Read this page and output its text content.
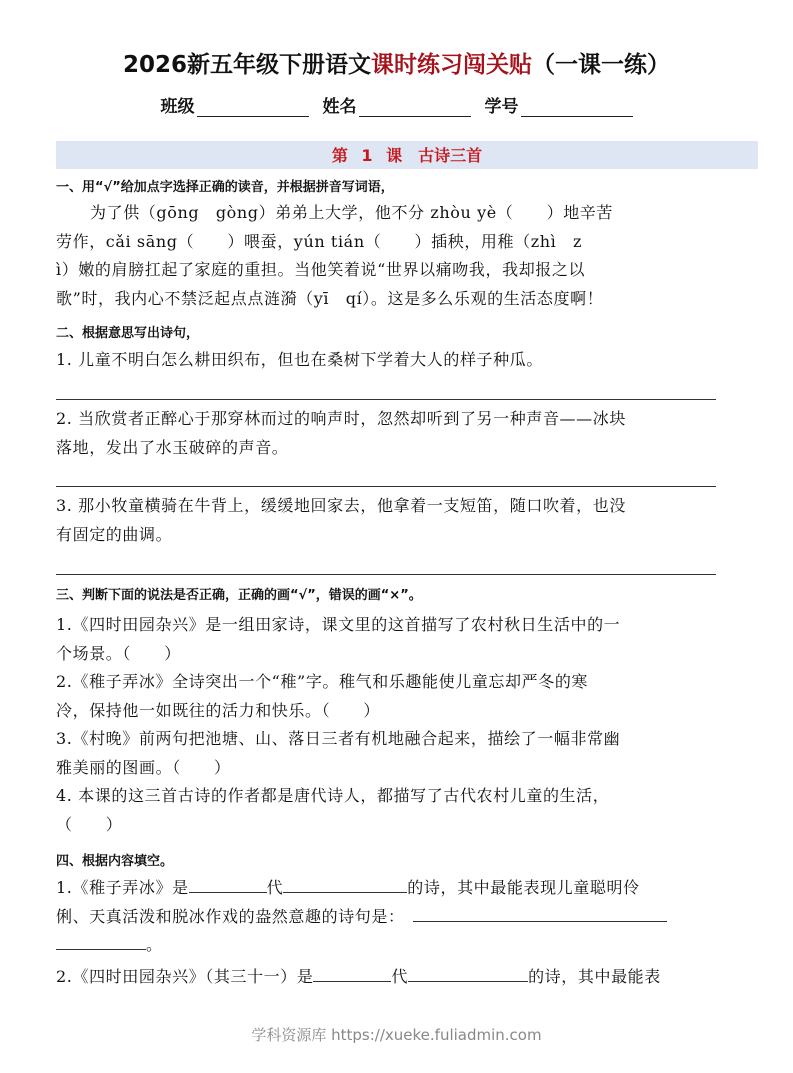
2026新五年级下册语文课时练习闯关贴（一课一练）
班级	姓名	学号
第 1 课　古诗三首
一、用“√”给加点字选择正确的读音，并根据拼音写词语，
为了供（gōng　gòng）弟弟上大学，他不分 zhòu yè（　　）地辛苦
劳作，cǎi sāng（　　）喂蚕，yún tián（　　）插秧，用稚（zhì　z
ì）嫩的肩膀扛起了家庭的重担。当他笑着说“世界以痛吻我，我却报之以
歌”时，我内心不禁泛起点点涟漪（yī　qí）。这是多么乐观的生活态度啊！
二、根据意思写出诗句，
1. 儿童不明白怎么耕田织布，但也在桑树下学着大人的样子种瓜。
2. 当欣赏者正醉心于那穿林而过的响声时，忽然却听到了另一种声音——冰块
落地，发出了水玉破碎的声音。
3. 那小牧童横骑在牛背上，缓缓地回家去，他拿着一支短笛，随口吹着，也没
有固定的曲调。
三、判断下面的说法是否正确，正确的画“√”，错误的画“×”。
1.《四时田园杂兴》是一组田家诗，课文里的这首描写了农村秋日生活中的一
个场景。（　　）
2.《稚子弄冰》全诗突出一个“稚”字。稚气和乐趣能使儿童忘却严冬的寒
冷，保持他一如既往的活力和快乐。（　　）
3.《村晚》前两句把池塘、山、落日三者有机地融合起来，描绘了一幅非常幽
雅美丽的图画。（　　）
4. 本课的这三首古诗的作者都是唐代诗人，都描写了古代农村儿童的生活，
（　　）
四、根据内容填空。
1.《稚子弄冰》是	代	的诗，其中最能表现儿童聪明伶
俐、天真活泼和脱冰作戏的盎然意趣的诗句是：
。
2.《四时田园杂兴》（其三十一）是	代	的诗，其中最能表
学科资源库 https://xueke.fuliadmin.com
